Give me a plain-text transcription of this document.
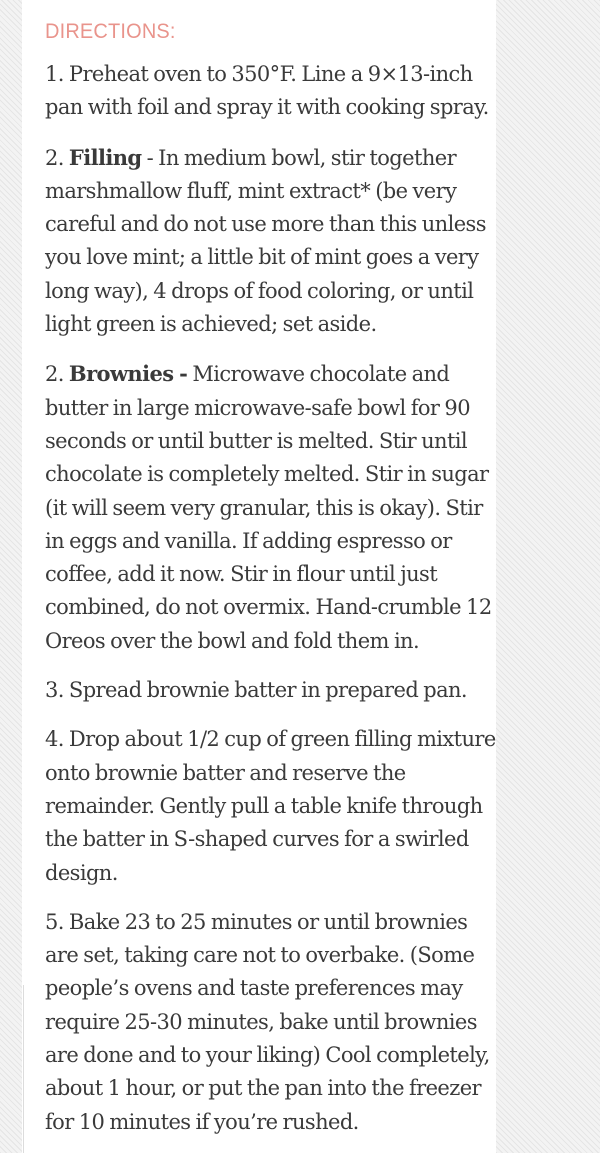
DIRECTIONS:

1. Preheat oven to 350°F. Line a 9×13-inch pan with foil and spray it with cooking spray.

2. Filling - In medium bowl, stir together marshmallow fluff, mint extract* (be very careful and do not use more than this unless you love mint; a little bit of mint goes a very long way), 4 drops of food coloring, or until light green is achieved; set aside.

2. Brownies - Microwave chocolate and butter in large microwave-safe bowl for 90 seconds or until butter is melted. Stir until chocolate is completely melted. Stir in sugar (it will seem very granular, this is okay). Stir in eggs and vanilla. If adding espresso or coffee, add it now. Stir in flour until just combined, do not overmix. Hand-crumble 12 Oreos over the bowl and fold them in.

3. Spread brownie batter in prepared pan.

4. Drop about 1/2 cup of green filling mixture onto brownie batter and reserve the remainder. Gently pull a table knife through the batter in S-shaped curves for a swirled design.

5. Bake 23 to 25 minutes or until brownies are set, taking care not to overbake. (Some people’s ovens and taste preferences may require 25-30 minutes, bake until brownies are done and to your liking) Cool completely, about 1 hour, or put the pan into the freezer for 10 minutes if you’re rushed.
